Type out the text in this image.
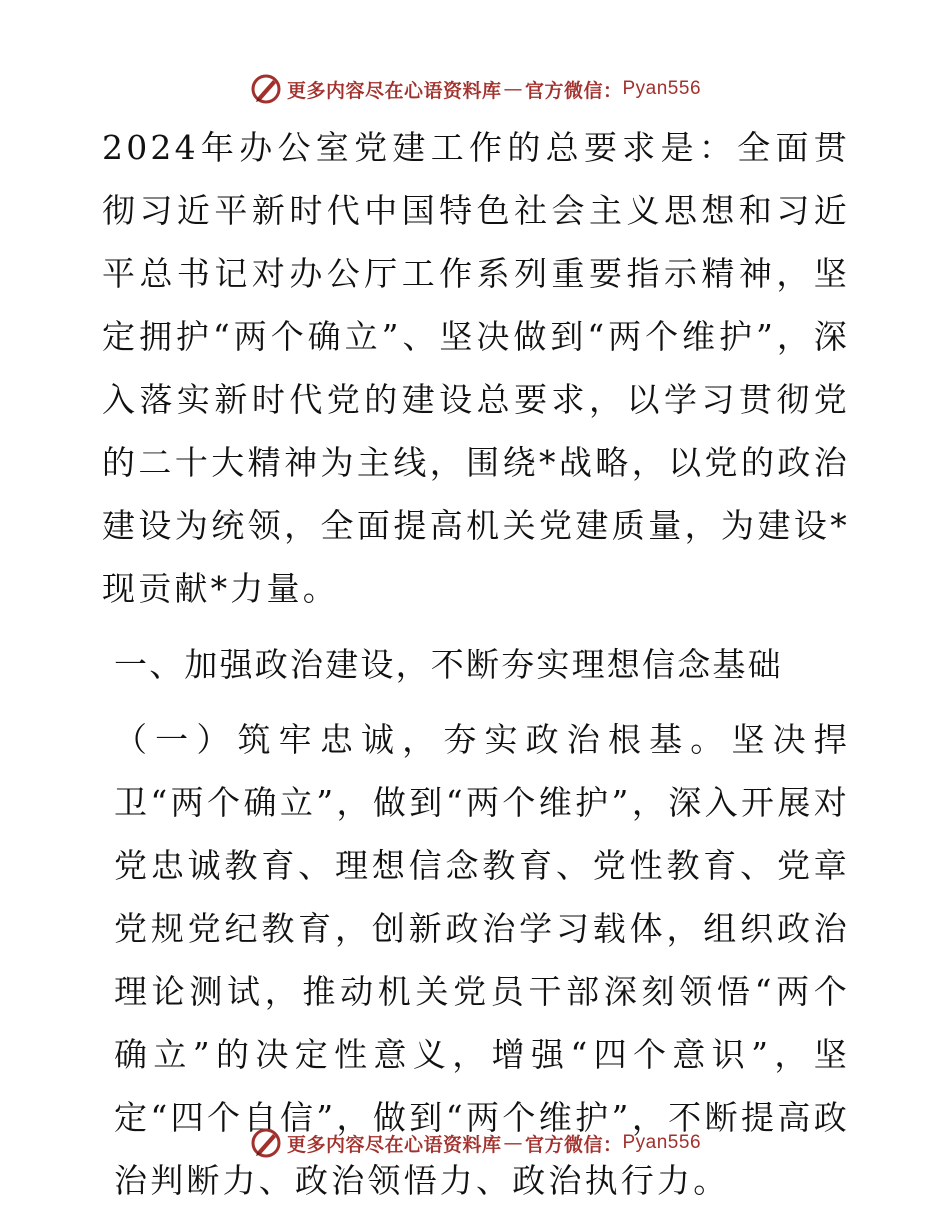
更多内容尽在心语资料库 — 官方微信： Pyan556

2024年办公室党建工作的总要求是：全面贯彻习近平新时代中国特色社会主义思想和习近平总书记对办公厅工作系列重要指示精神，坚定拥护“两个确立”、坚决做到“两个维护”，深入落实新时代党的建设总要求，以学习贯彻党的二十大精神为主线，围绕*战略，以党的政治建设为统领，全面提高机关党建质量，为建设*现贡献*力量。

一、加强政治建设，不断夯实理想信念基础

（一）筑牢忠诚，夯实政治根基。坚决捍卫“两个确立”，做到“两个维护”，深入开展对党忠诚教育、理想信念教育、党性教育、党章党规党纪教育，创新政治学习载体，组织政治理论测试，推动机关党员干部深刻领悟“两个确立”的决定性意义，增强“四个意识”，坚定“四个自信”，做到“两个维护”，不断提高政治判断力、政治领悟力、政治执行力。

更多内容尽在心语资料库 — 官方微信： Pyan556
